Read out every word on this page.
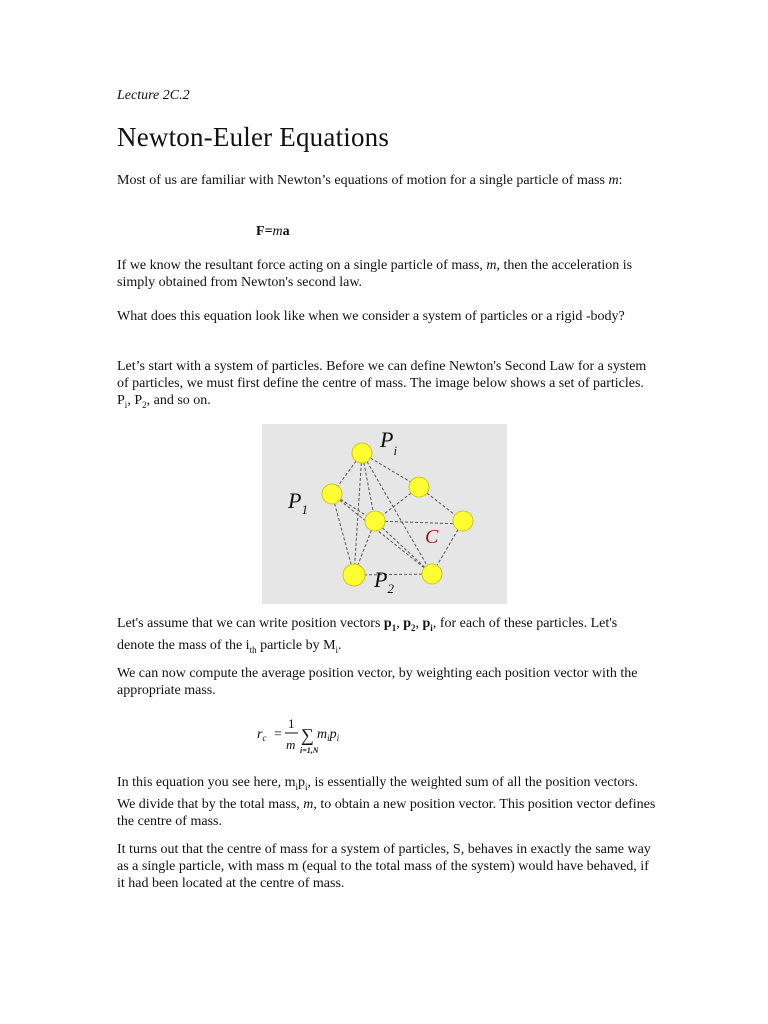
Lecture 2C.2

Newton-Euler Equations

Most of us are familiar with Newton’s equations of motion for a single particle of mass m:

F=ma

If we know the resultant force acting on a single particle of mass, m, then the acceleration is simply obtained from Newton's second law.

What does this equation look like when we consider a system of particles or a rigid -body?

Let’s start with a system of particles. Before we can define Newton's Second Law for a system of particles, we must first define the centre of mass. The image below shows a set of particles. $P_i$, $P_2$, and so on.

$P_i$
$P_1$
$P_2$
C

Let's assume that we can write position vectors $p_1$, $p_2$, $p_i$, for each of these particles. Let's denote the mass of the $i_{th}$ particle by $M_i$.

We can now compute the average position vector, by weighting each position vector with the appropriate mass.

$r_c$ =
1
m ∑
i=1,N
$m_ip_i$

In this equation you see here, $m_ip_i$, is essentially the weighted sum of all the position vectors. We divide that by the total mass, m, to obtain a new position vector. This position vector defines the centre of mass.

It turns out that the centre of mass for a system of particles, S, behaves in exactly the same way as a single particle, with mass m (equal to the total mass of the system) would have behaved, if it had been located at the centre of mass.
